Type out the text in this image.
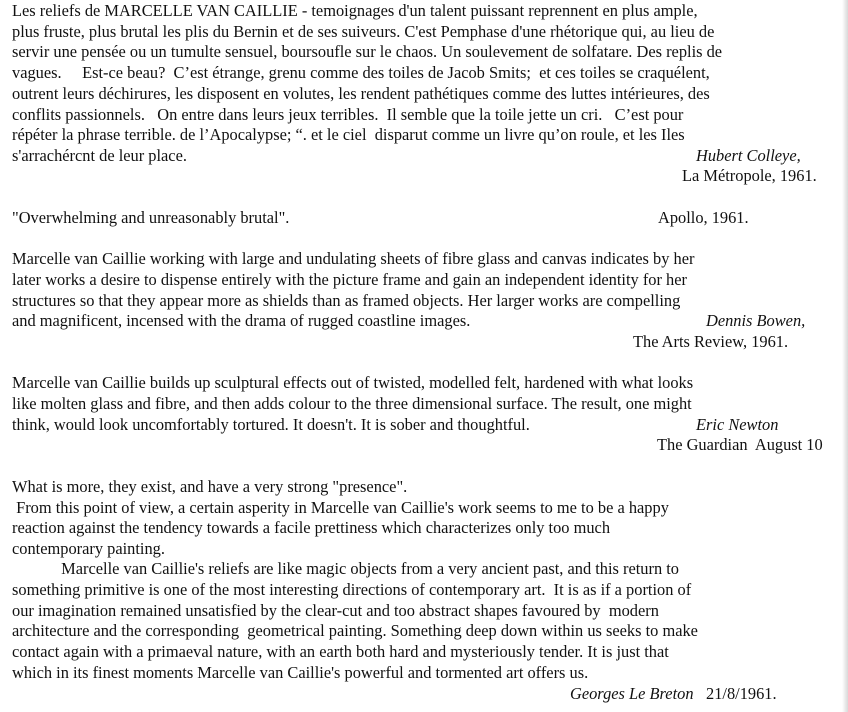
Les reliefs de MARCELLE VAN CAILLIE - temoignages d'un talent puissant reprennent en plus ample,
plus fruste, plus brutal les plis du Bernin et de ses suiveurs. C'est Pemphase d'une rhétorique qui, au lieu de
servir une pensée ou un tumulte sensuel, boursoufle sur le chaos. Un soulevement de solfatare. Des replis de
vagues.     Est-ce beau?  C’est étrange, grenu comme des toiles de Jacob Smits;  et ces toiles se craquélent,
outrent leurs déchirures, les disposent en volutes, les rendent pathétiques comme des luttes intérieures, des
conflits passionnels.   On entre dans leurs jeux terribles.  Il semble que la toile jette un cri.   C’est pour
répéter la phrase terrible. de l’Apocalypse; “. et le ciel  disparut comme un livre qu’on roule, et les Iles
s'arrachércnt de leur place.	Hubert Colleye,
La Métropole, 1961.
"Overwhelming and unreasonably brutal".	Apollo, 1961.
Marcelle van Caillie working with large and undulating sheets of fibre glass and canvas indicates by her
later works a desire to dispense entirely with the picture frame and gain an independent identity for her
structures so that they appear more as shields than as framed objects. Her larger works are compelling
and magnificent, incensed with the drama of rugged coastline images.	Dennis Bowen,
The Arts Review, 1961.
Marcelle van Caillie builds up sculptural effects out of twisted, modelled felt, hardened with what looks
like molten glass and fibre, and then adds colour to the three dimensional surface. The result, one might
think, would look uncomfortably tortured. It doesn't. It is sober and thoughtful.	Eric Newton
The Guardian  August 10
What is more, they exist, and have a very strong "presence".
From this point of view, a certain asperity in Marcelle van Caillie's work seems to me to be a happy
reaction against the tendency towards a facile prettiness which characterizes only too much
contemporary painting.
Marcelle van Caillie's reliefs are like magic objects from a very ancient past, and this return to
something primitive is one of the most interesting directions of contemporary art.  It is as if a portion of
our imagination remained unsatisfied by the clear-cut and too abstract shapes favoured by  modern
architecture and the corresponding  geometrical painting. Something deep down within us seeks to make
contact again with a primaeval nature, with an earth both hard and mysteriously tender. It is just that
which in its finest moments Marcelle van Caillie's powerful and tormented art offers us.
Georges Le Breton 21/8/1961.
